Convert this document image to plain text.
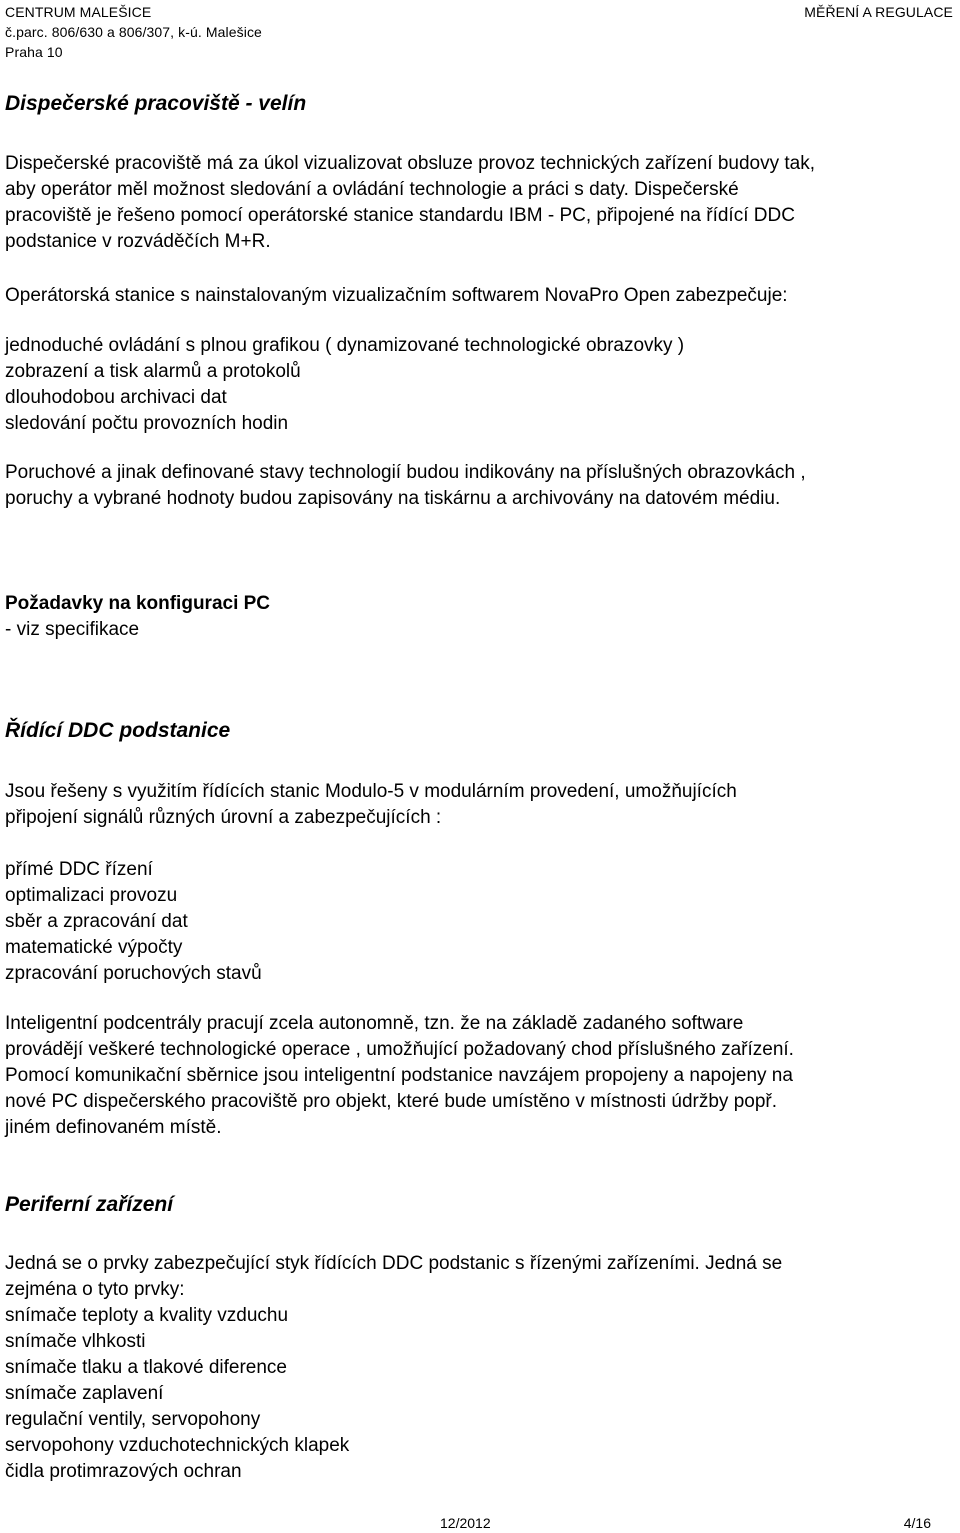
CENTRUM MALEŠICE
č.parc. 806/630 a 806/307, k-ú. Malešice
Praha 10
MĚŘENÍ A REGULACE
Dispečerské pracoviště - velín
Dispečerské pracoviště má za úkol vizualizovat obsluze provoz technických zařízení budovy tak,
aby operátor měl možnost sledování a ovládání technologie a práci s daty. Dispečerské
pracoviště je řešeno pomocí operátorské stanice standardu IBM - PC, připojené na řídící DDC
podstanice v rozváděčích M+R.
Operátorská stanice s nainstalovaným vizualizačním softwarem NovaPro Open zabezpečuje:
jednoduché ovládání s plnou grafikou ( dynamizované technologické obrazovky )
zobrazení a tisk alarmů a protokolů
dlouhodobou archivaci dat
sledování počtu provozních hodin
Poruchové a jinak definované stavy technologií budou indikovány na příslušných obrazovkách ,
poruchy a vybrané hodnoty budou zapisovány na tiskárnu a archivovány na datovém médiu.
Požadavky na konfiguraci PC
- viz specifikace
Řídící DDC podstanice
Jsou řešeny s využitím řídících stanic Modulo-5 v modulárním provedení, umožňujících
připojení signálů různých úrovní a zabezpečujících :
přímé DDC řízení
optimalizaci provozu
sběr a zpracování dat
matematické výpočty
zpracování poruchových stavů
Inteligentní podcentrály pracují zcela autonomně, tzn. že na základě zadaného software
provádějí veškeré technologické operace , umožňující požadovaný chod příslušného zařízení.
Pomocí komunikační sběrnice jsou inteligentní podstanice navzájem propojeny a napojeny na
nové PC dispečerského pracoviště pro objekt, které bude umístěno v místnosti údržby popř.
jiném definovaném místě.
Periferní zařízení
Jedná se o prvky zabezpečující styk řídících DDC podstanic s řízenými zařízeními. Jedná se
zejména o tyto prvky:
snímače teploty a kvality vzduchu
snímače vlhkosti
snímače tlaku a tlakové diference
snímače zaplavení
regulační ventily, servopohony
servopohony vzduchotechnických klapek
čidla protimrazových ochran
12/2012	4/16
